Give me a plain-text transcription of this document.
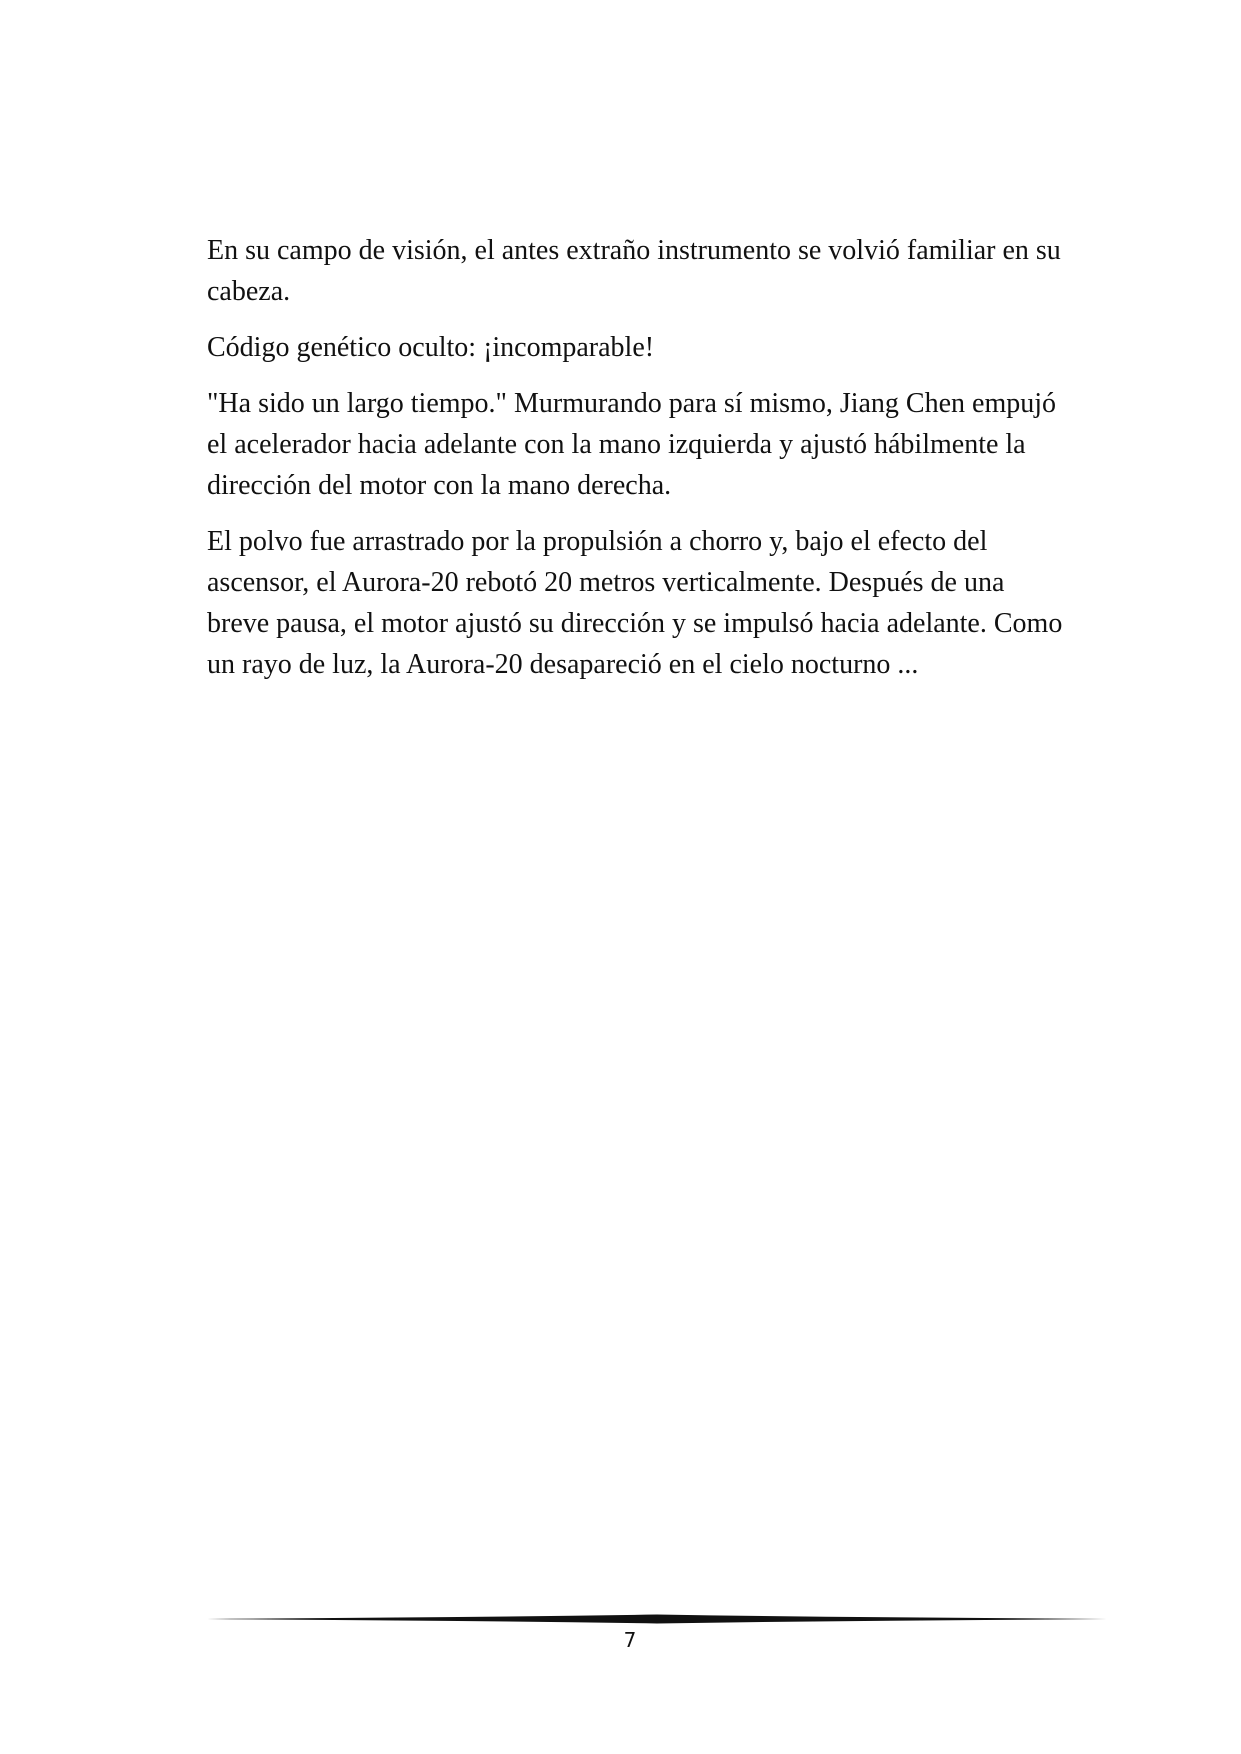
En su campo de visión, el antes extraño instrumento se volvió familiar en su cabeza.

Código genético oculto: ¡incomparable!

"Ha sido un largo tiempo." Murmurando para sí mismo, Jiang Chen empujó el acelerador hacia adelante con la mano izquierda y ajustó hábilmente la dirección del motor con la mano derecha.

El polvo fue arrastrado por la propulsión a chorro y, bajo el efecto del ascensor, el Aurora-20 rebotó 20 metros verticalmente. Después de una breve pausa, el motor ajustó su dirección y se impulsó hacia adelante. Como un rayo de luz, la Aurora-20 desapareció en el cielo nocturno ...

7
